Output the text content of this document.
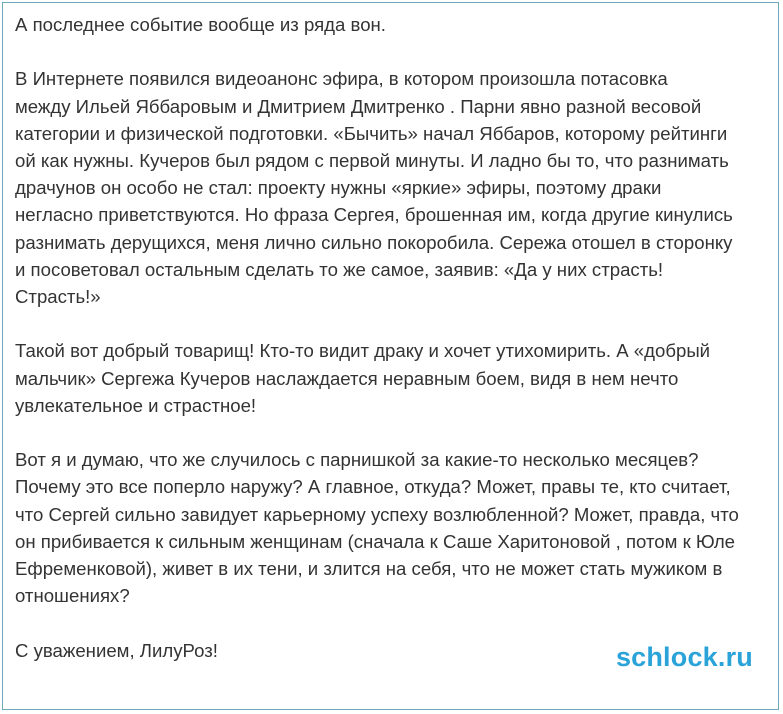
А последнее событие вообще из ряда вон.

В Интернете появился видеоанонс эфира, в котором произошла потасовка
между Ильей Яббаровым и Дмитрием Дмитренко . Парни явно разной весовой
категории и физической подготовки. «Бычить» начал Яббаров, которому рейтинги
ой как нужны. Кучеров был рядом с первой минуты. И ладно бы то, что разнимать
драчунов он особо не стал: проекту нужны «яркие» эфиры, поэтому драки
негласно приветствуются. Но фраза Сергея, брошенная им, когда другие кинулись
разнимать дерущихся, меня лично сильно покоробила. Сережа отошел в сторонку
и посоветовал остальным сделать то же самое, заявив: «Да у них страсть!
Страсть!»

Такой вот добрый товарищ! Кто-то видит драку и хочет утихомирить. А «добрый
мальчик» Сергежа Кучеров наслаждается неравным боем, видя в нем нечто
увлекательное и страстное!

Вот я и думаю, что же случилось с парнишкой за какие-то несколько месяцев?
Почему это все поперло наружу? А главное, откуда? Может, правы те, кто считает,
что Сергей сильно завидует карьерному успеху возлюбленной? Может, правда, что
он прибивается к сильным женщинам (сначала к Саше Харитоновой , потом к Юле
Ефременковой), живет в их тени, и злится на себя, что не может стать мужиком в
отношениях?

С уважением, ЛилуРоз!	schlock.ru
